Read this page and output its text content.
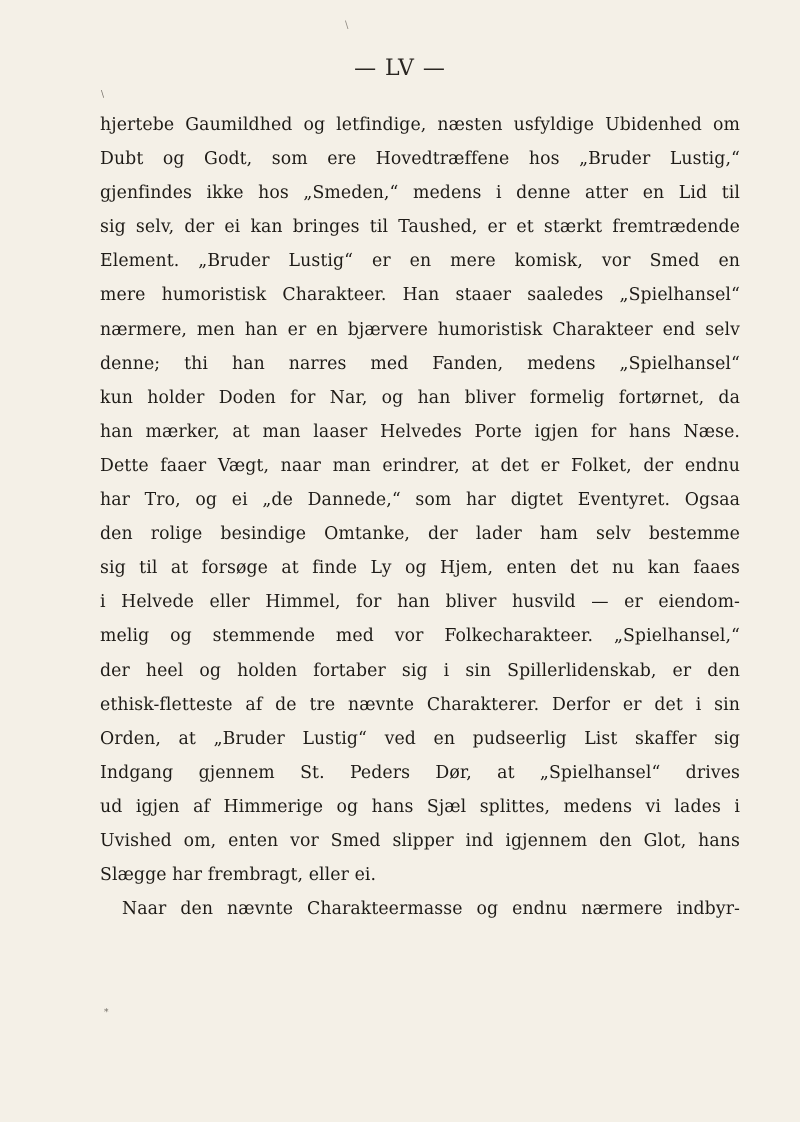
\
\
*
— LV —
hjertebe Gaumildhed og letfindige, næsten usfyldige Ubidenhed om
Dubt og Godt, som ere Hovedtræffene hos „Bruder Lustig,“
gjenfindes ikke hos „Smeden,“ medens i denne atter en Lid til
sig selv, der ei kan bringes til Taushed, er et stærkt fremtrædende
Element. „Bruder Lustig“ er en mere komisk, vor Smed en
mere humoristisk Charakteer. Han staaer saaledes „Spielhansel“
nærmere, men han er en bjærvere humoristisk Charakteer end selv
denne; thi han narres med Fanden, medens „Spielhansel“
kun holder Doden for Nar, og han bliver formelig fortørnet, da
han mærker, at man laaser Helvedes Porte igjen for hans Næse.
Dette faaer Vægt, naar man erindrer, at det er Folket, der endnu
har Tro, og ei „de Dannede,“ som har digtet Eventyret. Ogsaa
den rolige besindige Omtanke, der lader ham selv bestemme
sig til at forsøge at finde Ly og Hjem, enten det nu kan faaes
i Helvede eller Himmel, for han bliver husvild — er eiendom-
melig og stemmende med vor Folkecharakteer. „Spielhansel,“
der heel og holden fortaber sig i sin Spillerlidenskab, er den
ethisk-fletteste af de tre nævnte Charakterer. Derfor er det i sin
Orden, at „Bruder Lustig“ ved en pudseerlig List skaffer sig
Indgang gjennem St. Peders Dør, at „Spielhansel“ drives
ud igjen af Himmerige og hans Sjæl splittes, medens vi lades i
Uvished om, enten vor Smed slipper ind igjennem den Glot, hans
Slægge har frembragt, eller ei.
Naar den nævnte Charakteermasse og endnu nærmere indbyr-
